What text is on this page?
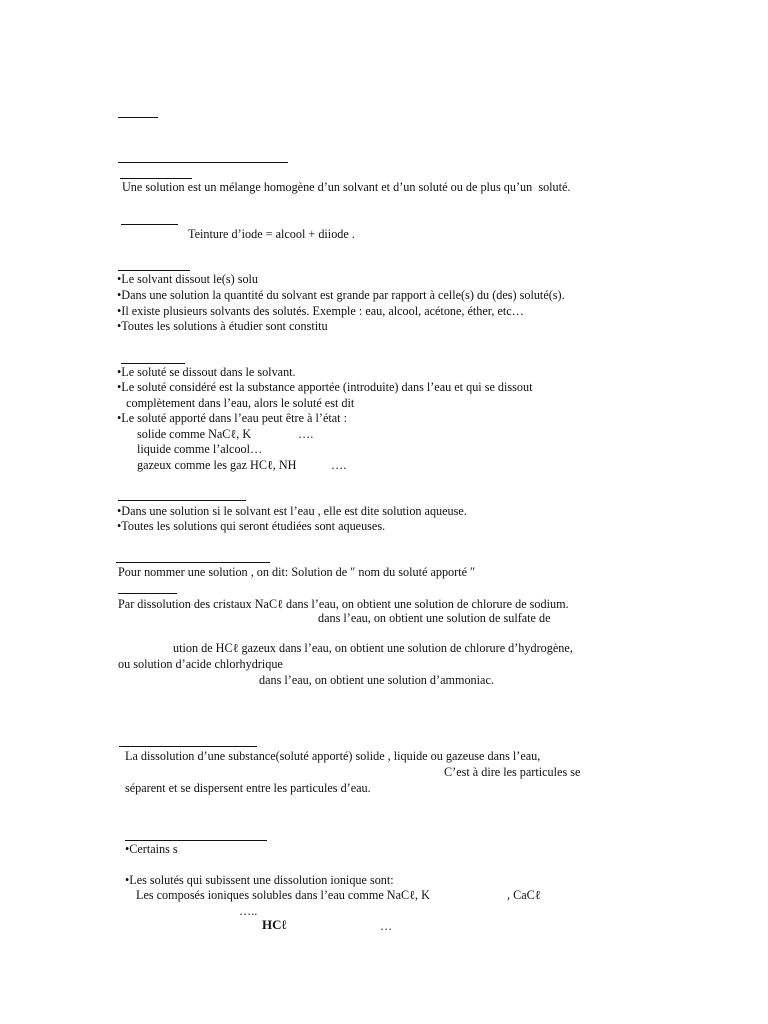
Une solution est un mélange homogène d’un solvant et d’un soluté ou de plus qu’un  soluté.
Teinture d’iode = alcool + diiode .
•Le solvant dissout le(s) solu
•Dans une solution la quantité du solvant est grande par rapport à celle(s) du (des) soluté(s).
•Il existe plusieurs solvants des solutés. Exemple : eau, alcool, acétone, éther, etc…
•Toutes les solutions à étudier sont constitu
•Le soluté se dissout dans le solvant.
•Le soluté considéré est la substance apportée (introduite) dans l’eau et qui se dissout
complètement dans l’eau, alors le soluté est dit
•Le soluté apporté dans l’eau peut être à l’état :
solide comme NaCℓ, K	….
liquide comme l’alcool…
gazeux comme les gaz HCℓ, NH	….
•Dans une solution si le solvant est l’eau , elle est dite solution aqueuse.
•Toutes les solutions qui seront étudiées sont aqueuses.
Pour nommer une solution , on dit: Solution de ″ nom du soluté apporté ″
Par dissolution des cristaux NaCℓ dans l’eau, on obtient une solution de chlorure de sodium.
dans l’eau, on obtient une solution de sulfate de
ution de HCℓ gazeux dans l’eau, on obtient une solution de chlorure d’hydrogène,
ou solution d’acide chlorhydrique
dans l’eau, on obtient une solution d’ammoniac.
La dissolution d’une substance(soluté apporté) solide , liquide ou gazeuse dans l’eau,
C’est à dire les particules se
séparent et se dispersent entre les particules d’eau.
•Certains s
•Les solutés qui subissent une dissolution ionique sont:
Les composés ioniques solubles dans l’eau comme NaCℓ, K	, CaCℓ
…..
HCℓ	…
